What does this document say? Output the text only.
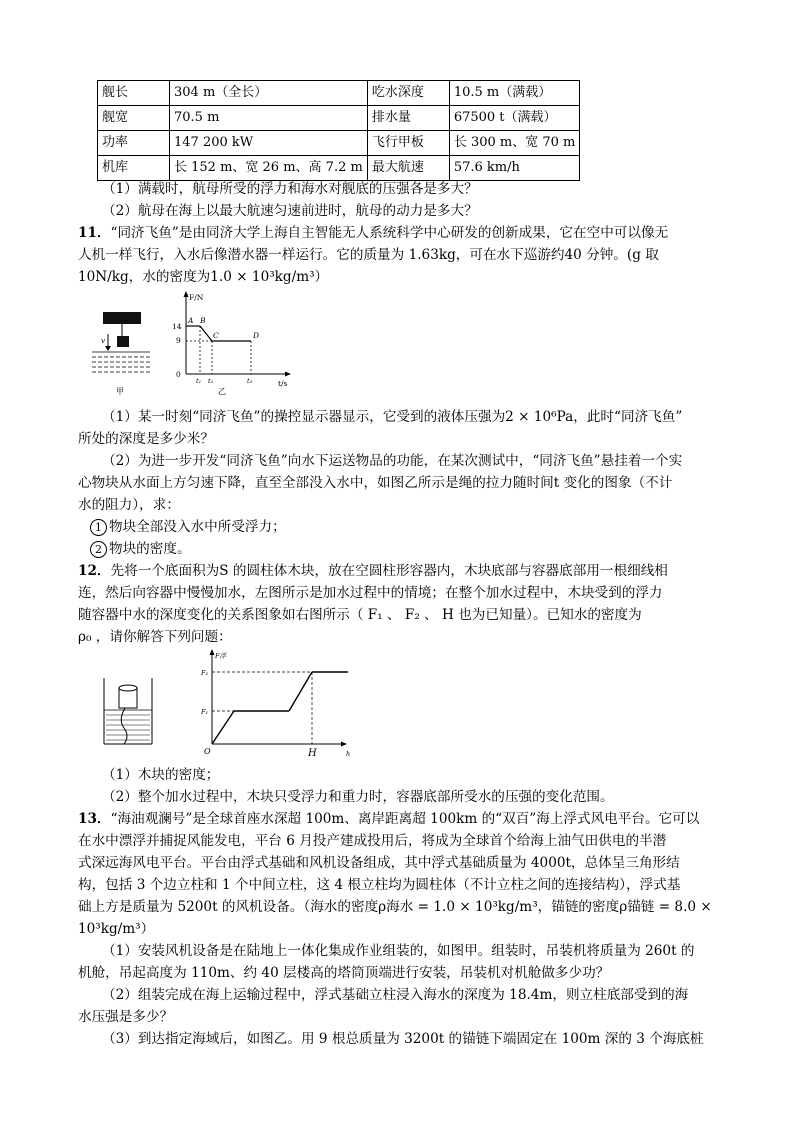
舰长	304 m（全长）	吃水深度	10.5 m（满载）
舰宽	70.5 m	排水量	67500 t（满载）
功率	147 200 kW	飞行甲板	长 300 m、宽 70 m
机库	长 152 m、宽 26 m、高 7.2 m	最大航速	57.6 km/h
（1）满载时，航母所受的浮力和海水对舰底的压强各是多大？
（2）航母在海上以最大航速匀速前进时，航母的动力是多大？
11．“同济飞鱼”是由同济大学上海自主智能无人系统科学中心研发的创新成果，它在空中可以像无
人机一样飞行，入水后像潜水器一样运行。它的质量为 1.63kg，可在水下巡游约40 分钟。(g 取
10N/kg，水的密度为1.0 × 10³kg/m³）
v
甲
F/N
t/s
14
9
0
A B
C	D
t₁ t₂	t₃
乙
（1）某一时刻“同济飞鱼”的操控显示器显示，它受到的液体压强为2 × 10⁶Pa，此时“同济飞鱼”
所处的深度是多少米？
（2）为进一步开发“同济飞鱼”向水下运送物品的功能，在某次测试中，“同济飞鱼”悬挂着一个实
心物块从水面上方匀速下降，直至全部没入水中，如图乙所示是绳的拉力随时间t 变化的图象（不计
水的阻力），求：
1 物块全部没入水中所受浮力；
2 物块的密度。
12．先将一个底面积为S 的圆柱体木块，放在空圆柱形容器内，木块底部与容器底部用一根细线相
连，然后向容器中慢慢加水，左图所示是加水过程中的情境；在整个加水过程中，木块受到的浮力
随容器中水的深度变化的关系图象如右图所示（ F₁ 、 F₂ 、 H 也为已知量）。已知水的密度为
ρ₀ ，请你解答下列问题：
F浮
F₂
F₁
O	H	h
（1）木块的密度；
（2）整个加水过程中，木块只受浮力和重力时，容器底部所受水的压强的变化范围。
13．“海油观澜号”是全球首座水深超 100m、离岸距离超 100km 的“双百”海上浮式风电平台。它可以
在水中漂浮并捕捉风能发电，平台 6 月投产建成投用后，将成为全球首个给海上油气田供电的半潜
式深远海风电平台。平台由浮式基础和风机设备组成，其中浮式基础质量为 4000t，总体呈三角形结
构，包括 3 个边立柱和 1 个中间立柱，这 4 根立柱均为圆柱体（不计立柱之间的连接结构），浮式基
础上方是质量为 5200t 的风机设备。（海水的密度ρ海水 = 1.0 × 10³kg/m³，锚链的密度ρ锚链 = 8.0 ×
10³kg/m³）
（1）安装风机设备是在陆地上一体化集成作业组装的，如图甲。组装时，吊装机将质量为 260t 的
机舱，吊起高度为 110m、约 40 层楼高的塔筒顶端进行安装，吊装机对机舱做多少功？
（2）组装完成在海上运输过程中，浮式基础立柱浸入海水的深度为 18.4m，则立柱底部受到的海
水压强是多少？
（3）到达指定海域后，如图乙。用 9 根总质量为 3200t 的锚链下端固定在 100m 深的 3 个海底桩
